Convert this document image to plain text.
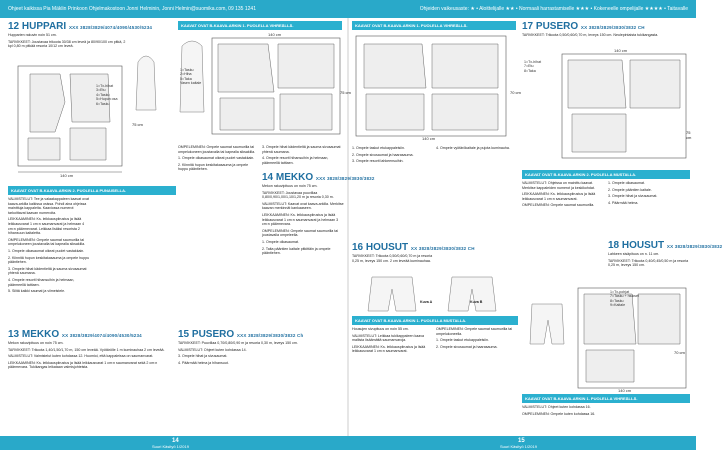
Ohjeet kaikissa Pia Mäklin Prinkoon Ohjelmakostoon Jonni Helminin, Jonni Helmin@suomika.com, 09 135 1241	Ohjeiden vaikeusaste: ★ • Aloittelijalle ★★ • Normaali harrastamiselle ★★★ • Kokeneelle ompelijalle ★★★★ • Taitavalle
12 HUPPARI XXX 3828/3829/4074/4090/4530/5234
Hupparien rakuvin noin 51 cm.
TARVIKKEET: Joustavaa trikoota 30/38 cm leveä ja 80/90/100 cm pitkä, 2 kpl 0,80 m pitkää resoria 10/12 cm leveä.
140 cm
1=Tx-hihat
3=Etu
4=Tasku
5=Hupun osa
6=Tasku
KAAVAT OVAT B-KAAVA-ARKIN 2. PUOLELLA PUNAISELLA.
VALMISTELUT: Tee ja valaakappaleen kaavat ovat kaava-arkilla kaikissa osissa. Pohdi aina ohjeissa mainittuja kappaleita. Kaaviossa numerot tarkoittavat kaavan numeroita.
LEIKKAAMINEN: Ks. leikkauspiirustus ja lisää leikkausvarat 1 cm:n saumanvarat ja helmaan 4 cm:n päärmevarat. Leikkaa lisäksi resorista 2 hihansuun kaitaletta.
OMPELEMINEN: Ompele saumat saumurilla tai ompelukoneen joustavalla tai kapealla siksakilla.
1. Ompele olkasaumat oikeat puolet vastakkain.
2. Kiinnitä hupun keskitakasauma ja ompele huppu pääntiehen.
3. Ompele hihat kädentieltä ja sauma sivusaumat yhtenä saumana.
4. Ompele resorit hihansuihin ja helmaan, päärmeellä taittaen.
5. Silitä kaikki saumat ja viimeistele.
13 MEKKO XX 3828/3829/4074/4090/4530/5234
Mekon rakuvipituus on noin 75 cm.
TARVIKKEET: Trikoota 1,40/1,50/1,70 m, 150 cm leveää. Vyötärölle 1 m kuminauhaa 2 cm leveää.
VALMISTELUT: Valmistelut kuten kohdassa 12. Huomioi, että kappaleissa on saumanvarat.
LEIKKAAMINEN: Ks. leikkauspiirustus ja lisää leikkausvarat 1 cm:n saumanvarat sekä 2 cm:n päärmevara. Tukikangas leikataan valmisjohteista.
KAAVAT OVAT B-KAAVA-ARKIN 1. PUOLELLA VIHREÄLLÄ.
140 cm
1=Tasku
2=Hiha
5=Taka
Vasen kaitale
OMPELEMINEN: Ompele saumat saumurilla tai ompelukoneen joustavalla tai kapealla siksakilla.
1. Ompele olkasaumat oikeat puolet vastakkain.
2. Kiinnitä hupun keskitakasauma ja ompele huppu pääntiehen.
3. Ompele hihat kädentieltä ja sauma sivusaumat yhtenä saumana.
4. Ompele resorit hihansuihin ja helmaan, päärmeellä taittaen.
14 MEKKO XXX 3828/3829/3830/3832
Mekon rakuvipituus on noin 75 cm.
TARVIKKEET: Joustavaa puuvillaa 0,80/0,90/1,00/1,10/1,20 m ja resoria 0,30 m.
VALMISTELUT: Kaavat ovat kaava-arkilla. Merkitse kaavan merkinnät kankaaseen.
LEIKKAAMINEN: Ks. leikkauspiirustus ja lisää leikkausvarat 1 cm:n saumanvarat ja helmaan 3 cm:n päärmevara.
OMPELEMINEN: Ompele saumat saumurilla tai joustavalla ompeleella.
1. Ompele olkasaumat.
2. Taita pääntien kaitale pitkittäin ja ompele pääntiehen.
15 PUSERO XXX 3828/3829/3830/3832 Ch
TARVIKKEET: Puuvillaa 0,70/0,80/0,90 m ja resoria 0,30 m, leveys 150 cm.
VALMISTELUT: Ohjeet kuten kohdassa 14.
3. Ompele hihat ja sivusaumat.
4. Päärmää helma ja hihansuut.
KAAVAT OVAT B-KAAVA-ARKIN 1. PUOLELLA VIHREÄLLÄ.
140 cm
1. Ompele taskut etukappaleisiin.
2. Ompele sivusaumat ja haarasauma.
3. Ompele resorit lahkeensuihin.
4. Ompele vyötärökaitale ja pujota kuminauha.
16 HOUSUT XX 3828/3829/3830/3832 CH
TARVIKKEET: Trikoota 0,50/0,60/0,70 m ja resoria 0,25 m, leveys 150 cm. 2 cm leveää kuminauhaa.
KAAVAT OVAT B-KAAVA-ARKIN 1. PUOLELLA MUSTALLA.
Housujen sivupituus on noin 55 cm.
VALMISTELUT: Leikkaa tukikappaleen kaava mallista lisäämättä saumanvaroja.
LEIKKAAMINEN: Ks. leikkauspiirustus ja lisää leikkausvarat 1 cm:n saumanvarat.
OMPELEMINEN: Ompele saumat saumurilla tai ompelukoneella.
1. Ompele taskut etukappaleisiin.
2. Ompele sivusaumat ja haarasauma.
17 PUSERO XX 3828/3829/3830/3832 CH
TARVIKKEET: Trikoota 0,50/0,60/0,70 m, leveys 150 cm. Neulepintaista tukikangasta.
140 cm
1=Tx-hihat
7=Etu
8=Taka
KAAVAT OVAT B-KAAVA-ARKIN 2. PUOLELLA MUSTALLA.
VALMISTELUT: Ohjeissa on mainittu kaavat. Merkitse kappaleiden numerot ja keskikohdat.
LEIKKAAMINEN: Ks. leikkauspiirustus ja lisää leikkausvarat 1 cm:n saumanvarat.
OMPELEMINEN: Ompele saumat saumurilla.
1. Ompele olkasaumat.
2. Ompele pääntien kaitale.
3. Ompele hihat ja sivusaumat.
4. Päärmää helma.
18 HOUSUT XX 3828/3829/3830/3832
Lahkeen sisäpituus on n. 11 cm.
TARVIKKEET: Trikoota 0,40/0,45/0,50 m ja resoria 0,25 m, leveys 150 cm.
140 cm
1=Tx-pohjat
7=Tasku + hiukset
8=Tasku
9=Kaitale
KAAVAT OVAT B-KAAVA-ARKIN 1. PUOLELLA VIHREÄLLÄ.
VALMISTELUT: Ohjeet kuten kohdassa 16.
OMPELEMINEN: Ompele kuten kohdassa 16.
75 cm
75 cm	70 cm
75 cm
70 cm
Kuva A	Kuva B
14	15
Suuri Käsityö 1/2019	Suuri Käsityö 1/2019
